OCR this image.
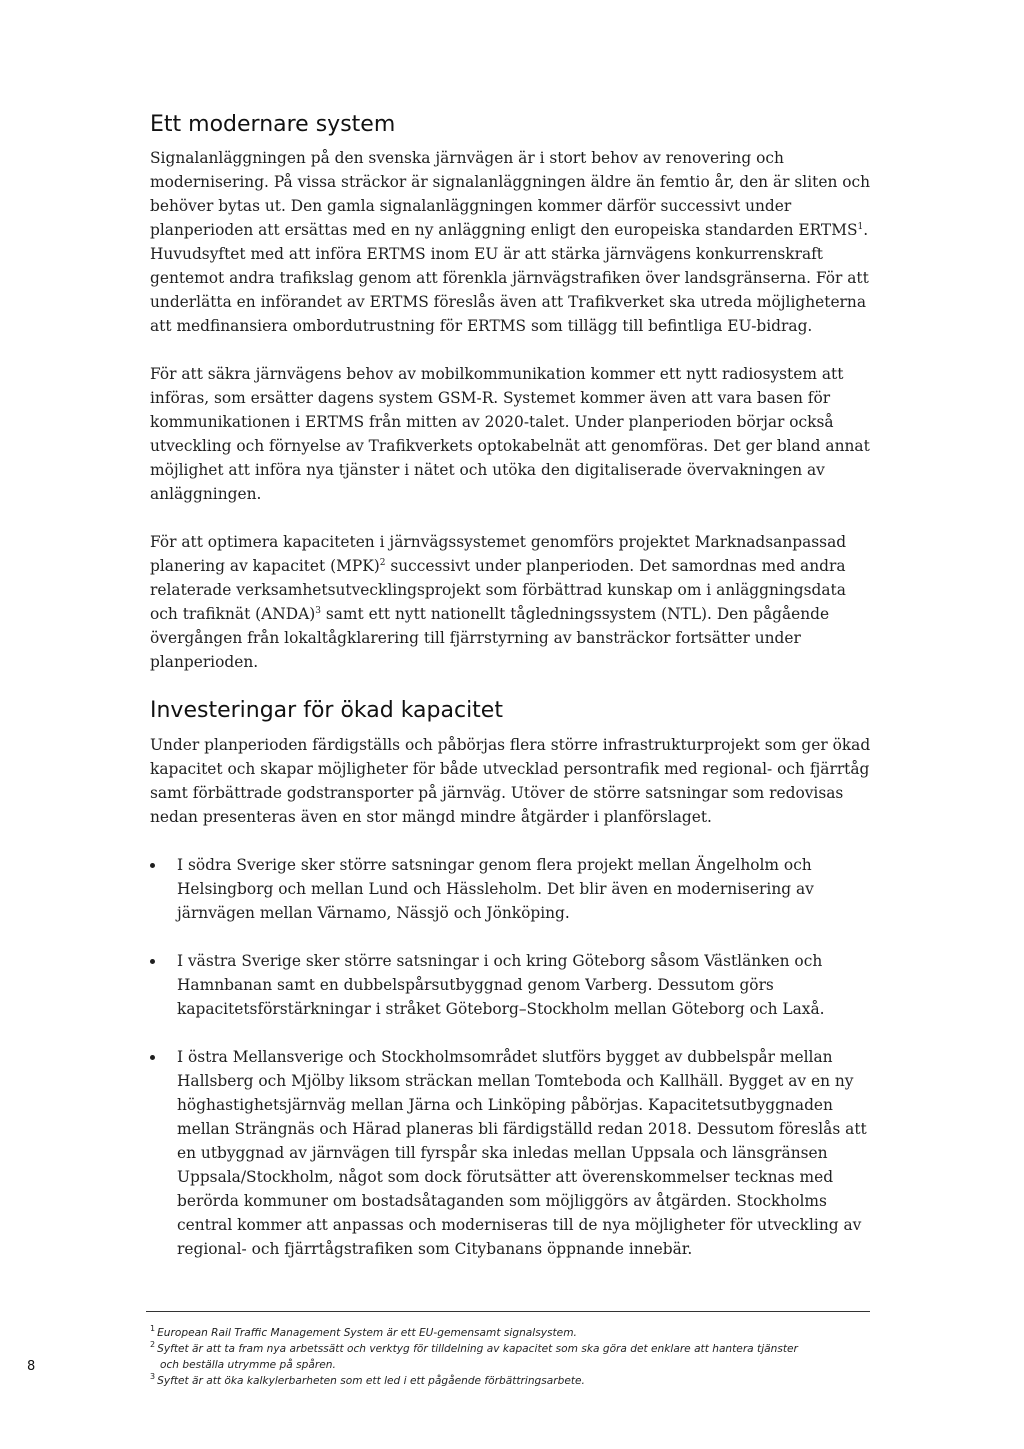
Ett modernare system

Signalanläggningen på den svenska järnvägen är i stort behov av renovering och modernisering. På vissa sträckor är signalanläggningen äldre än femtio år, den är sliten och behöver bytas ut. Den gamla signalanläggningen kommer därför successivt under planperioden att ersättas med en ny anläggning enligt den europeiska standarden ERTMS$^1$. Huvudsyftet med att införa ERTMS inom EU är att stärka järnvägens konkurrenskraft gentemot andra trafikslag genom att förenkla järnvägstrafiken över landsgränserna. För att underlätta en införandet av ERTMS föreslås även att Trafikverket ska utreda möjligheterna att medfinansiera ombordutrustning för ERTMS som tillägg till befintliga EU-bidrag.

För att säkra järnvägens behov av mobilkommunikation kommer ett nytt radiosystem att införas, som ersätter dagens system GSM-R. Systemet kommer även att vara basen för kommunikationen i ERTMS från mitten av 2020-talet. Under planperioden börjar också utveckling och förnyelse av Trafikverkets optokabelnät att genomföras. Det ger bland annat möjlighet att införa nya tjänster i nätet och utöka den digitaliserade övervakningen av anläggningen.

För att optimera kapaciteten i järnvägssystemet genomförs projektet Marknadsanpassad planering av kapacitet (MPK)$^2$ successivt under planperioden. Det samordnas med andra relaterade verksamhetsutvecklingsprojekt som förbättrad kunskap om i anläggningsdata och trafiknät (ANDA)$^3$ samt ett nytt nationellt tågledningssystem (NTL). Den pågående övergången från lokaltågklarering till fjärrstyrning av bansträckor fortsätter under planperioden.

Investeringar för ökad kapacitet

Under planperioden färdigställs och påbörjas flera större infrastrukturprojekt som ger ökad kapacitet och skapar möjligheter för både utvecklad persontrafik med regional- och fjärrtåg samt förbättrade godstransporter på järnväg. Utöver de större satsningar som redovisas nedan presenteras även en stor mängd mindre åtgärder i planförslaget.

I södra Sverige sker större satsningar genom flera projekt mellan Ängelholm och Helsingborg och mellan Lund och Hässleholm. Det blir även en modernisering av järnvägen mellan Värnamo, Nässjö och Jönköping.

I västra Sverige sker större satsningar i och kring Göteborg såsom Västlänken och Hamnbanan samt en dubbelspårsutbyggnad genom Varberg. Dessutom görs kapacitetsförstärkningar i stråket Göteborg–Stockholm mellan Göteborg och Laxå.

I östra Mellansverige och Stockholmsområdet slutförs bygget av dubbelspår mellan Hallsberg och Mjölby liksom sträckan mellan Tomteboda och Kallhäll. Bygget av en ny höghastighetsjärnväg mellan Järna och Linköping påbörjas. Kapacitetsutbyggnaden mellan Strängnäs och Härad planeras bli färdigställd redan 2018. Dessutom föreslås att en utbyggnad av järnvägen till fyrspår ska inledas mellan Uppsala och länsgränsen Uppsala/Stockholm, något som dock förutsätter att överenskommelser tecknas med berörda kommuner om bostadsåtaganden som möjliggörs av åtgärden. Stockholms central kommer att anpassas och moderniseras till de nya möjligheter för utveckling av regional- och fjärrtågstrafiken som Citybanans öppnande innebär.

$^1$ European Rail Traffic Management System är ett EU-gemensamt signalsystem.
$^2$ Syftet är att ta fram nya arbetssätt och verktyg för tilldelning av kapacitet som ska göra det enklare att hantera tjänster
och beställa utrymme på spåren.
$^3$ Syftet är att öka kalkylerbarheten som ett led i ett pågående förbättringsarbete.
8
